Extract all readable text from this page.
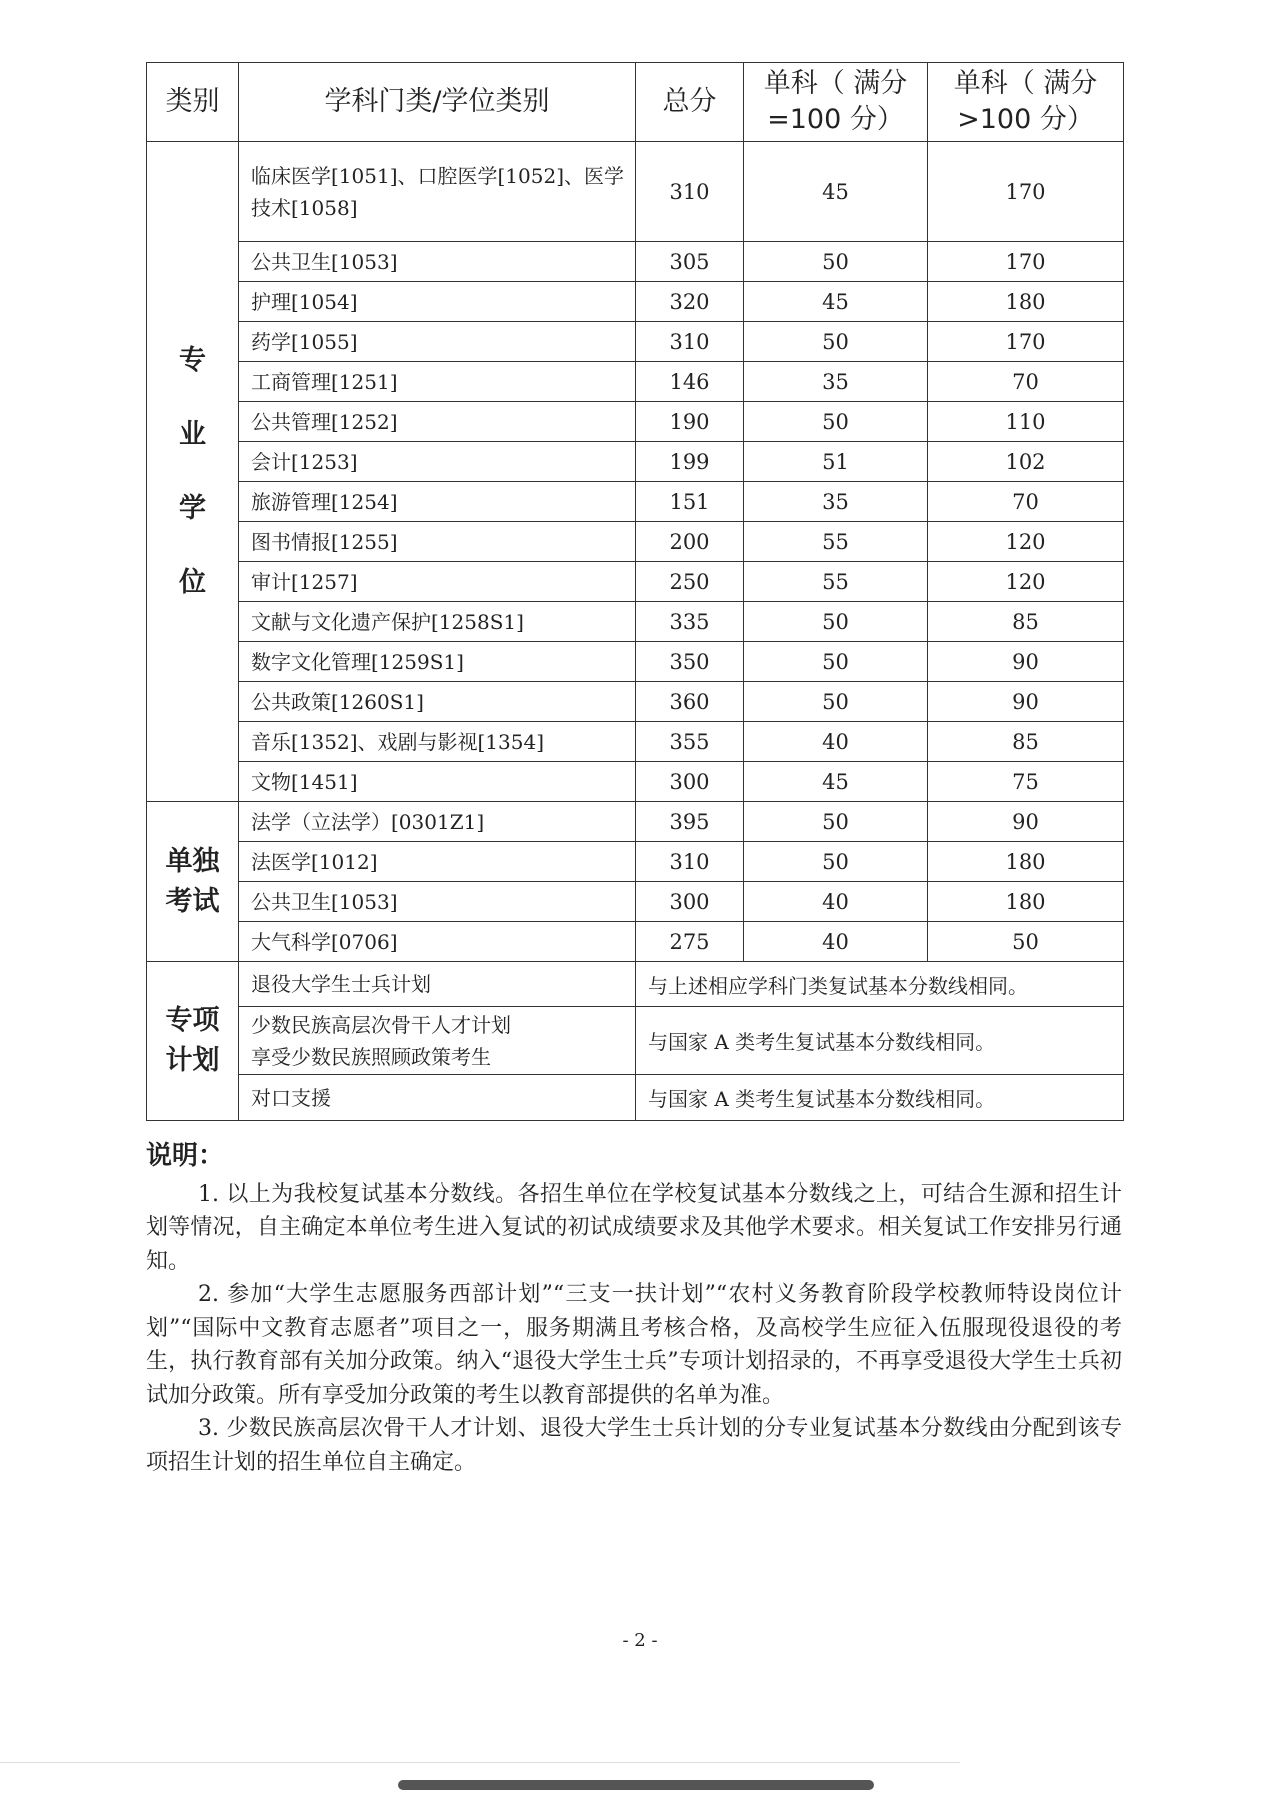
类别	学科门类/学位类别	总分	单科（ 满分=100 分）	单科（ 满分>100 分）
专业学位	临床医学[1051]、口腔医学[1052]、医学技术[1058]	310	45	170
	公共卫生[1053]	305	50	170
	护理[1054]	320	45	180
	药学[1055]	310	50	170
	工商管理[1251]	146	35	70
	公共管理[1252]	190	50	110
	会计[1253]	199	51	102
	旅游管理[1254]	151	35	70
	图书情报[1255]	200	55	120
	审计[1257]	250	55	120
	文献与文化遗产保护[1258S1]	335	50	85
	数字文化管理[1259S1]	350	50	90
	公共政策[1260S1]	360	50	90
	音乐[1352]、戏剧与影视[1354]	355	40	85
	文物[1451]	300	45	75
单独考试	法学（立法学）[0301Z1]	395	50	90
	法医学[1012]	310	50	180
	公共卫生[1053]	300	40	180
	大气科学[0706]	275	40	50
专项计划	退役大学生士兵计划	与上述相应学科门类复试基本分数线相同。		

	少数民族高层次骨干人才计划
享受少数民族照顾政策考生	与国家 A 类考生复试基本分数线相同。		

	对口支援	与国家 A 类考生复试基本分数线相同。		
说明：

1. 以上为我校复试基本分数线。各招生单位在学校复试基本分数线之上，可结合生源和招生计划等情况，自主确定本单位考生进入复试的初试成绩要求及其他学术要求。相关复试工作安排另行通知。

2. 参加“大学生志愿服务西部计划”“三支一扶计划”“农村义务教育阶段学校教师特设岗位计划”“国际中文教育志愿者”项目之一，服务期满且考核合格，及高校学生应征入伍服现役退役的考生，执行教育部有关加分政策。纳入“退役大学生士兵”专项计划招录的，不再享受退役大学生士兵初试加分政策。所有享受加分政策的考生以教育部提供的名单为准。

3. 少数民族高层次骨干人才计划、退役大学生士兵计划的分专业复试基本分数线由分配到该专项招生计划的招生单位自主确定。

- 2 -
